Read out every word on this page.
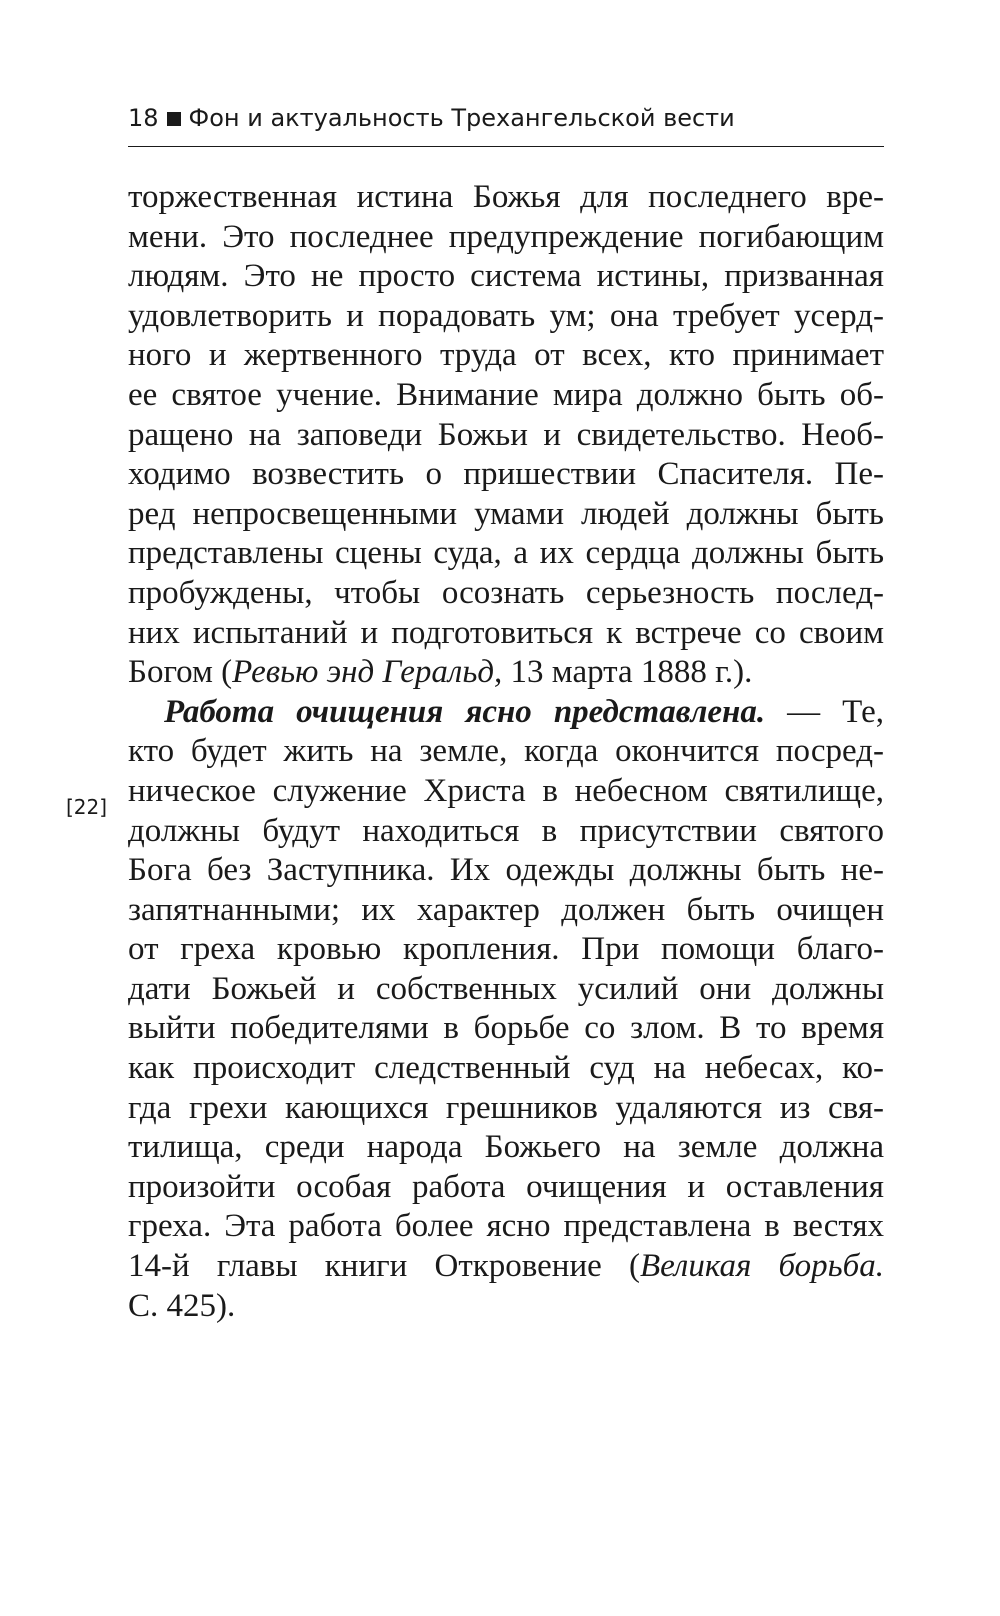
18 Фон и актуальность Трехангельской вести
[22]
торжественная истина Божья для последнего вре-
мени. Это последнее предупреждение погибающим
людям. Это не просто система истины, призванная
удовлетворить и порадовать ум; она требует усерд-
ного и жертвенного труда от всех, кто принимает
ее святое учение. Внимание мира должно быть об-
ращено на заповеди Божьи и свидетельство. Необ-
ходимо возвестить о пришествии Спасителя. Пе-
ред непросвещенными умами людей должны быть
представлены сцены суда, а их сердца должны быть
пробуждены, чтобы осознать серьезность послед-
них испытаний и подготовиться к встрече со своим
Богом (Ревью энд Геральд, 13 марта 1888 г.).
Работа очищения ясно представлена. — Те,
кто будет жить на земле, когда окончится посред-
ническое служение Христа в небесном святилище,
должны будут находиться в присутствии святого
Бога без Заступника. Их одежды должны быть не-
запятнанными; их характер должен быть очищен
от греха кровью кропления. При помощи благо-
дати Божьей и собственных усилий они должны
выйти победителями в борьбе со злом. В то время
как происходит следственный суд на небесах, ко-
гда грехи кающихся грешников удаляются из свя-
тилища, среди народа Божьего на земле должна
произойти особая работа очищения и оставления
греха. Эта работа более ясно представлена в вестях
14-й главы книги Откровение (Великая борьба.
С. 425).
